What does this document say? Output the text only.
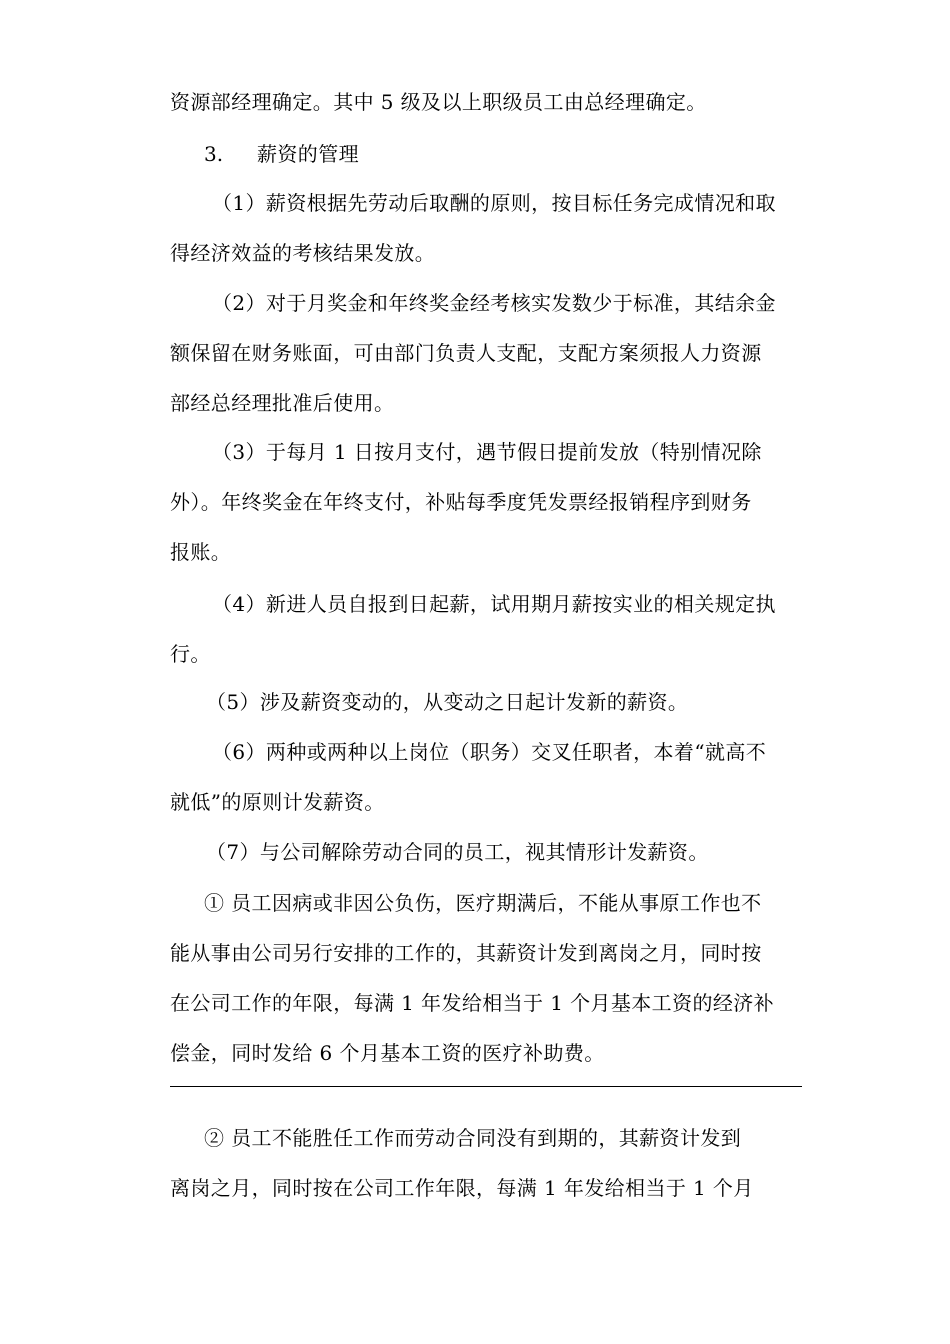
资源部经理确定。其中 5 级及以上职级员工由总经理确定。
3. 薪资的管理
（1）薪资根据先劳动后取酬的原则，按目标任务完成情况和取
得经济效益的考核结果发放。
（2）对于月奖金和年终奖金经考核实发数少于标准，其结余金
额保留在财务账面，可由部门负责人支配，支配方案须报人力资源
部经总经理批准后使用。
（3）于每月 1 日按月支付，遇节假日提前发放（特别情况除
外）。年终奖金在年终支付，补贴每季度凭发票经报销程序到财务
报账。
（4）新进人员自报到日起薪，试用期月薪按实业的相关规定执
行。
（5）涉及薪资变动的，从变动之日起计发新的薪资。
（6）两种或两种以上岗位（职务）交叉任职者，本着“就高不
就低”的原则计发薪资。
（7）与公司解除劳动合同的员工，视其情形计发薪资。
① 员工因病或非因公负伤，医疗期满后，不能从事原工作也不
能从事由公司另行安排的工作的，其薪资计发到离岗之月，同时按
在公司工作的年限，每满 1 年发给相当于 1 个月基本工资的经济补
偿金，同时发给 6 个月基本工资的医疗补助费。
② 员工不能胜任工作而劳动合同没有到期的，其薪资计发到
离岗之月，同时按在公司工作年限，每满 1 年发给相当于 1 个月
